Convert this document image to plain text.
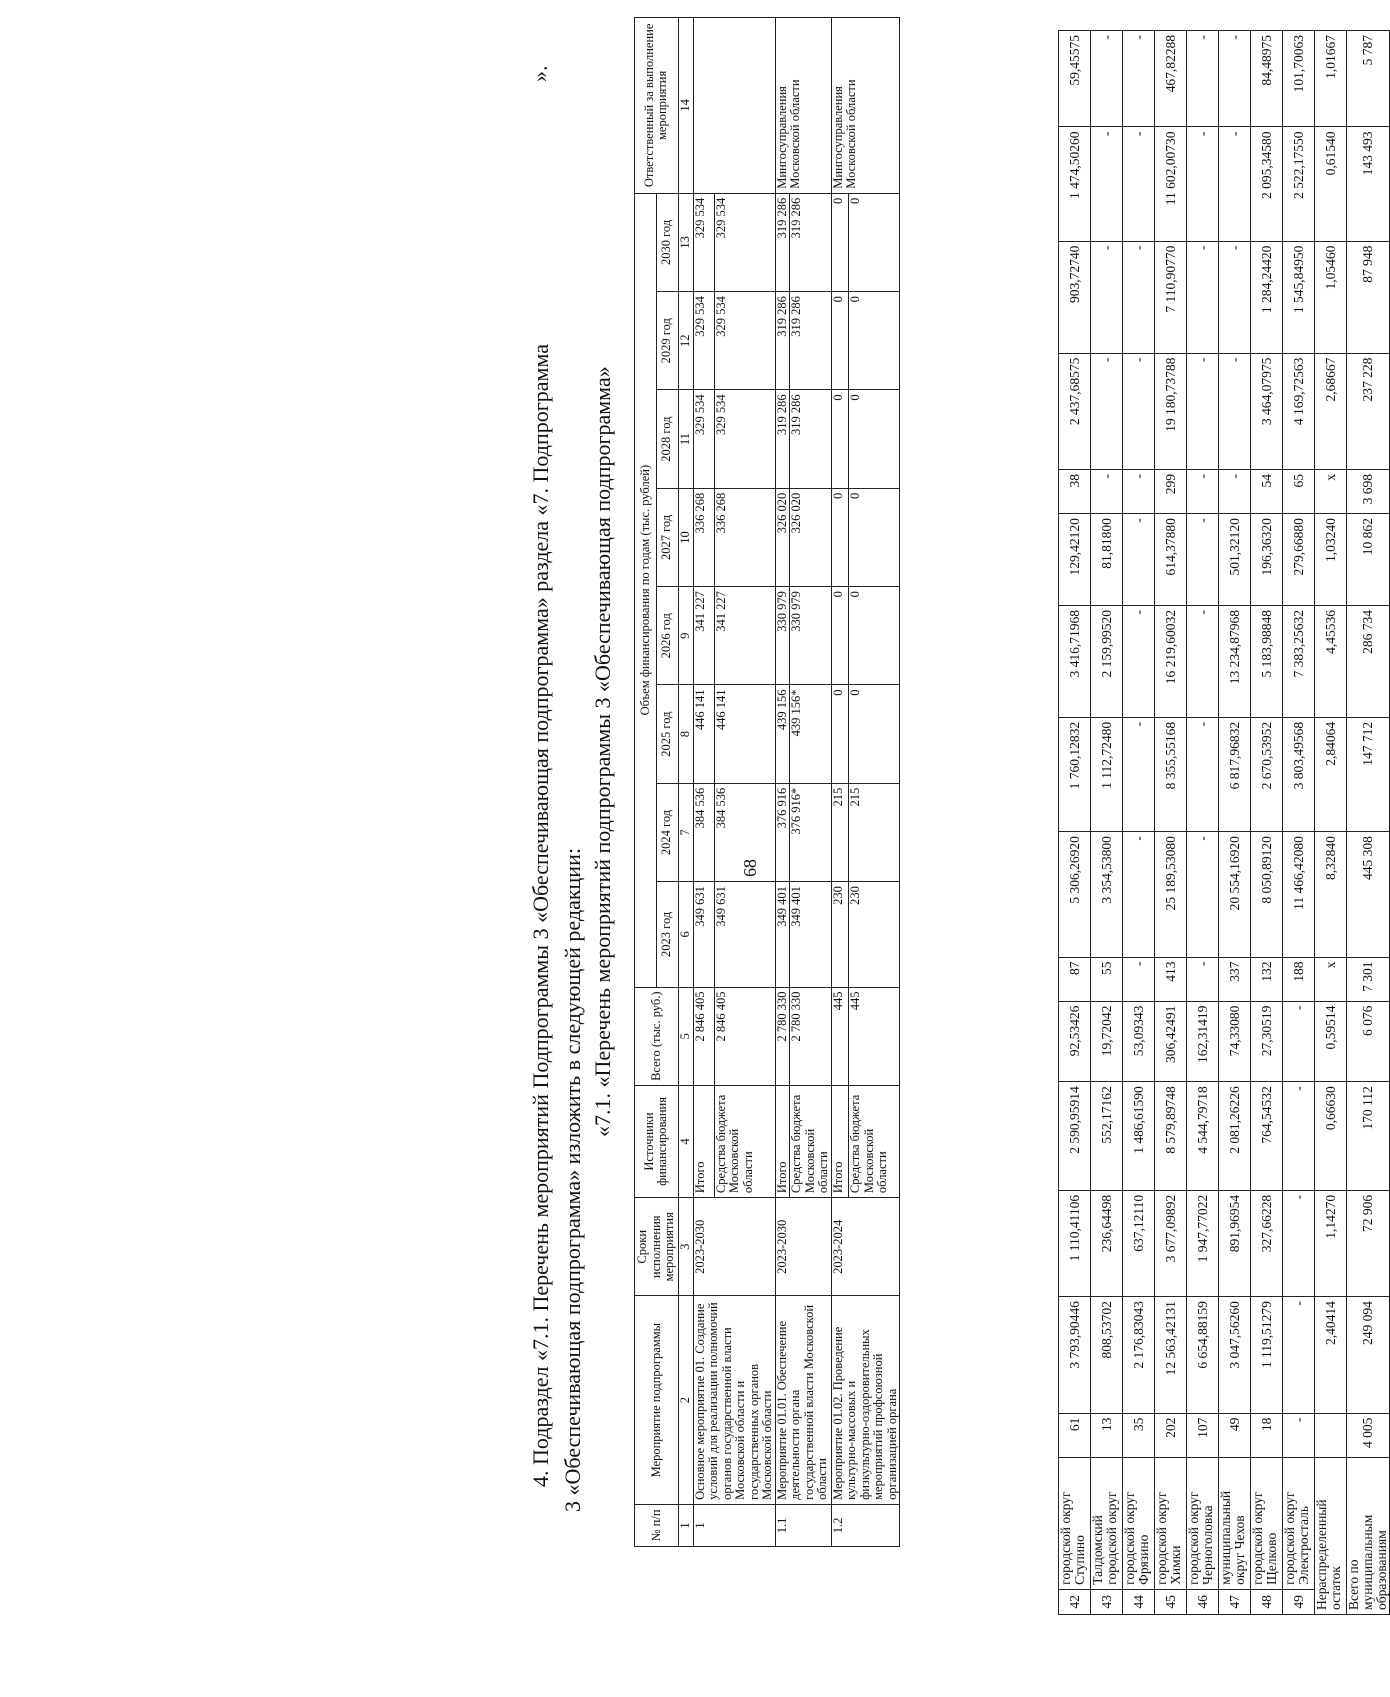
42	городской округ Ступино	61	3 793,90446	1 110,41106	2 590,95914	92,53426	87	5 306,26920	1 760,12832	3 416,71968	129,42120	38	2 437,68575	903,72740	1 474,50260	59,45575
43	Талдомский городской округ	13	808,53702	236,64498	552,17162	19,72042	55	3 354,53800	1 112,72480	2 159,99520	81,81800	-	-	-	-	-
44	городской округ Фрязино	35	2 176,83043	637,12110	1 486,61590	53,09343	-	-	-	-	-	-	-	-	-	-
45	городской округ Химки	202	12 563,42131	3 677,09892	8 579,89748	306,42491	413	25 189,53080	8 355,55168	16 219,60032	614,37880	299	19 180,73788	7 110,90770	11 602,00730	467,82288
46	городской округ Черноголовка	107	6 654,88159	1 947,77022	4 544,79718	162,31419	-	-	-	-	-	-	-	-	-	-
47	муниципальный округ Чехов	49	3 047,56260	891,96954	2 081,26226	74,33080	337	20 554,16920	6 817,96832	13 234,87968	501,32120	-	-	-	-	-
48	городской округ Щелково	18	1 119,51279	327,66228	764,54532	27,30519	132	8 050,89120	2 670,53952	5 183,98848	196,36320	54	3 464,07975	1 284,24420	2 095,34580	84,48975
49	городской округ Электросталь	-	-	-	-	-	188	11 466,42080	3 803,49568	7 383,25632	279,66880	65	4 169,72563	1 545,84950	2 522,17550	101,70063
Нераспределенный остаток			2,40414	1,14270	0,66630	0,59514	x	8,32840	2,84064	4,45536	1,03240	x	2,68667	1,05460	0,61540	1,01667
Всего по муниципальным образованиям		4 005	249 094	72 906	170 112	6 076	7 301	445 308	147 712	286 734	10 862	3 698	237 228	87 948	143 493	5 787
68
4. Подраздел «7.1. Перечень мероприятий Подпрограммы 3 «Обеспечивающая подпрограмма» раздела «7. Подпрограмма
».
3 «Обеспечивающая подпрограмма» изложить в следующей редакции:
«7.1. «Перечень мероприятий подпрограммы 3 «Обеспечивающая подпрограмма»
№ п/п	Мероприятие подпрограммы	Сроки исполнения мероприятия	Источники финансирования	Всего (тыс. руб.)	Объем финансирования по годам (тыс. рублей)								Ответственный за выполнение мероприятия
					2023 год	2024 год	2025 год	2026 год	2027 год	2028 год	2029 год	2030 год	
1	2	3	4	5	6	7	8	9	10	11	12	13	14
1	Основное мероприятие 01. Создание условий для реализации полномочий органов государственной власти Московской области и государственных органов Московской области	2023-2030	Итого	2 846 405	349 631	384 536	446 141	341 227	336 268	329 534	329 534	329 534	
			Средства бюджета Московской области	2 846 405	349 631	384 536	446 141	341 227	336 268	329 534	329 534	329 534	
1.1	Мероприятие 01.01. Обеспечение деятельности органа государственной власти Московской области	2023-2030	Итого	2 780 330	349 401	376 916	439 156	330 979	326 020	319 286	319 286	319 286	Мингосуправления Московской области
			Средства бюджета Московской области	2 780 330	349 401	376 916*	439 156*	330 979	326 020	319 286	319 286	319 286	
1.2	Мероприятие 01.02. Проведение культурно-массовых и физкультурно-оздоровительных мероприятий профсоюзной организацией органа	2023-2024	Итого	445	230	215	0	0	0	0	0	0	Мингосуправления Московской области
			Средства бюджета Московской области	445	230	215	0	0	0	0	0	0	
